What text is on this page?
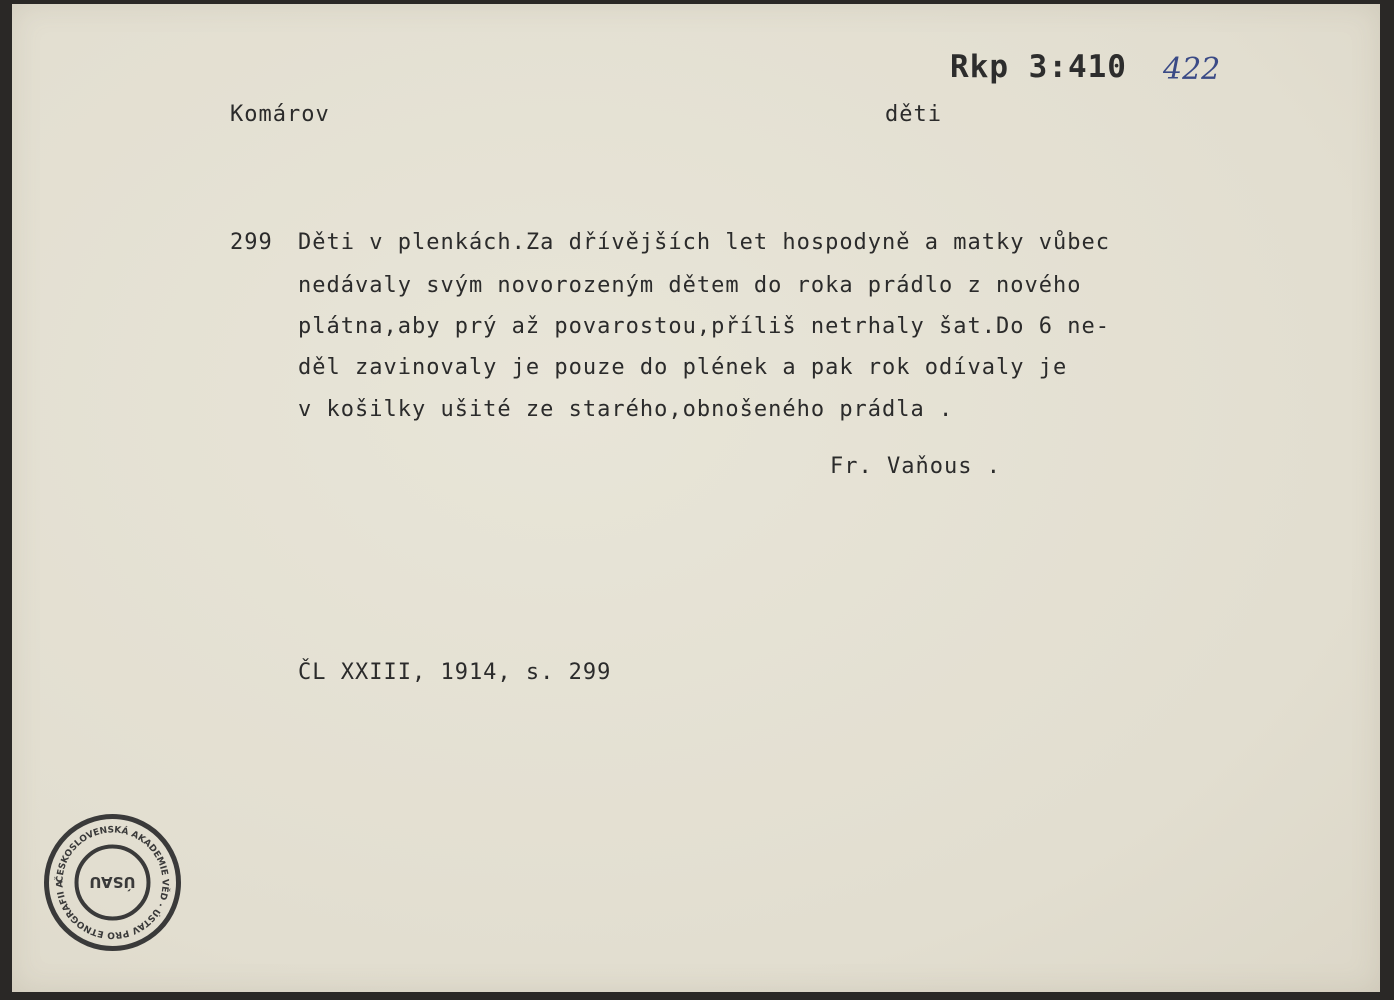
Rkp 3:410 422
Komárov	děti
299 Děti v plenkách.Za dřívějších let hospodyně a matky vůbec
nedávaly svým novorozeným dětem do roka prádlo z nového
plátna,aby prý až povarostou,příliš netrhaly šat.Do 6 ne-
děl zavinovaly je pouze do plének a pak rok odívaly je
v košilky ušité ze starého,obnošeného prádla .
Fr. Vaňous .
ČL XXIII, 1914, s. 299
ČESKOSLOVENSKÁ AKADEMIE VĚD · ÚSTAV PRO ETNOGRAFII A	ÚSAU
